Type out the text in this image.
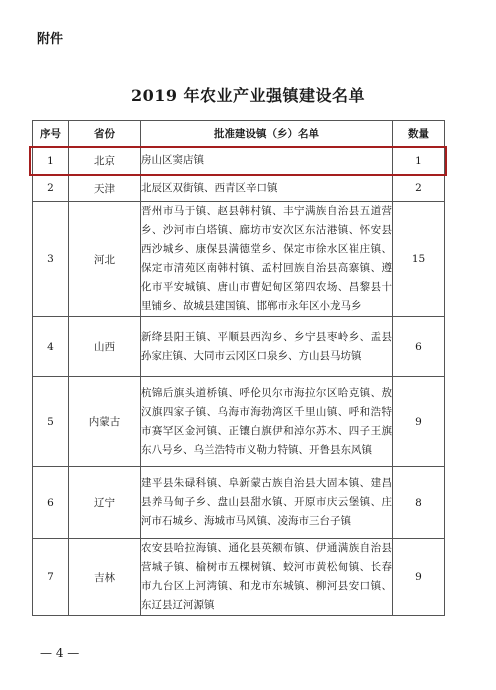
附件
2019 年农业产业强镇建设名单
序号	省份	批准建设镇（乡）名单	数量
1	北京	房山区窦店镇	1
2	天津	北辰区双街镇、西青区辛口镇	2
3	河北	晋州市马于镇、赵县韩村镇、丰宁满族自治县五道营乡、沙河市白塔镇、廊坊市安次区东沽港镇、怀安县西沙城乡、康保县满德堂乡、保定市徐水区崔庄镇、保定市清苑区南韩村镇、孟村回族自治县高寨镇、遵化市平安城镇、唐山市曹妃甸区第四农场、昌黎县十里铺乡、故城县建国镇、邯郸市永年区小龙马乡	15
4	山西	新绛县阳王镇、平顺县西沟乡、乡宁县枣岭乡、盂县孙家庄镇、大同市云冈区口泉乡、方山县马坊镇	6
5	内蒙古	杭锦后旗头道桥镇、呼伦贝尔市海拉尔区哈克镇、敖汉旗四家子镇、乌海市海勃湾区千里山镇、呼和浩特市赛罕区金河镇、正镶白旗伊和淖尔苏木、四子王旗东八号乡、乌兰浩特市义勒力特镇、开鲁县东风镇	9
6	辽宁	建平县朱碌科镇、阜新蒙古族自治县大固本镇、建昌县养马甸子乡、盘山县甜水镇、开原市庆云堡镇、庄河市石城乡、海城市马风镇、凌海市三台子镇	8
7	吉林	农安县哈拉海镇、通化县英额布镇、伊通满族自治县营城子镇、榆树市五棵树镇、蛟河市黄松甸镇、长春市九台区上河湾镇、和龙市东城镇、柳河县安口镇、东辽县辽河源镇	9
— 4 —
